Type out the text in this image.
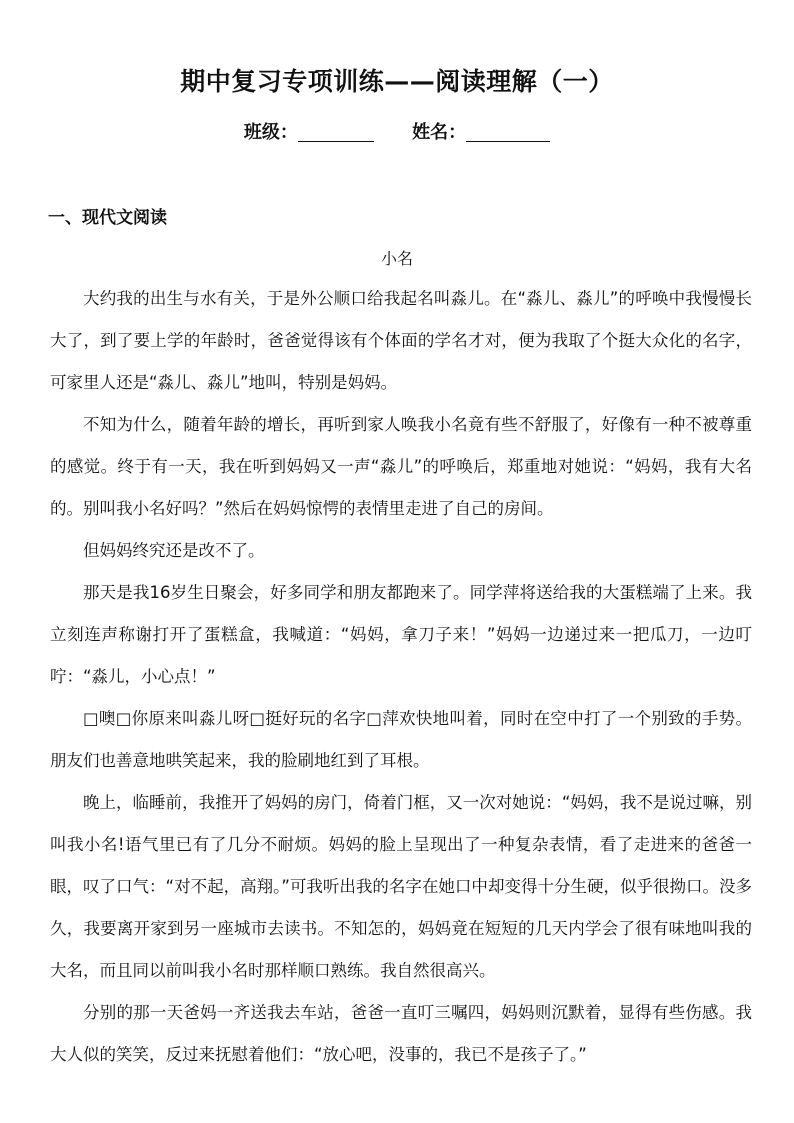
期中复习专项训练——阅读理解（一）
班级：	姓名：
一、现代文阅读
小名

大约我的出生与水有关，于是外公顺口给我起名叫淼儿。在“淼儿、淼儿”的呼唤中我慢慢长大了，到了要上学的年龄时，爸爸觉得该有个体面的学名才对，便为我取了个挺大众化的名字，可家里人还是“淼儿、淼儿”地叫，特别是妈妈。

不知为什么，随着年龄的增长，再听到家人唤我小名竟有些不舒服了，好像有一种不被尊重的感觉。终于有一天，我在听到妈妈又一声“淼儿”的呼唤后，郑重地对她说：“妈妈，我有大名的。别叫我小名好吗？”然后在妈妈惊愕的表情里走进了自己的房间。

但妈妈终究还是改不了。

那天是我16岁生日聚会，好多同学和朋友都跑来了。同学萍将送给我的大蛋糕端了上来。我立刻连声称谢打开了蛋糕盒，我喊道：“妈妈，拿刀子来！”妈妈一边递过来一把瓜刀，一边叮咛：“淼儿，小心点！”

□噢□你原来叫淼儿呀□挺好玩的名字□萍欢快地叫着，同时在空中打了一个别致的手势。朋友们也善意地哄笑起来，我的脸刷地红到了耳根。

晚上，临睡前，我推开了妈妈的房门，倚着门框，又一次对她说：“妈妈，我不是说过嘛，别叫我小名!语气里已有了几分不耐烦。妈妈的脸上呈现出了一种复杂表情，看了走进来的爸爸一眼，叹了口气：“对不起，高翔。”可我听出我的名字在她口中却变得十分生硬，似乎很拗口。没多久，我要离开家到另一座城市去读书。不知怎的，妈妈竟在短短的几天内学会了很有味地叫我的大名，而且同以前叫我小名时那样顺口熟练。我自然很高兴。

分别的那一天爸妈一齐送我去车站，爸爸一直叮三嘱四，妈妈则沉默着，显得有些伤感。我大人似的笑笑，反过来抚慰着他们：“放心吧，没事的，我已不是孩子了。”
